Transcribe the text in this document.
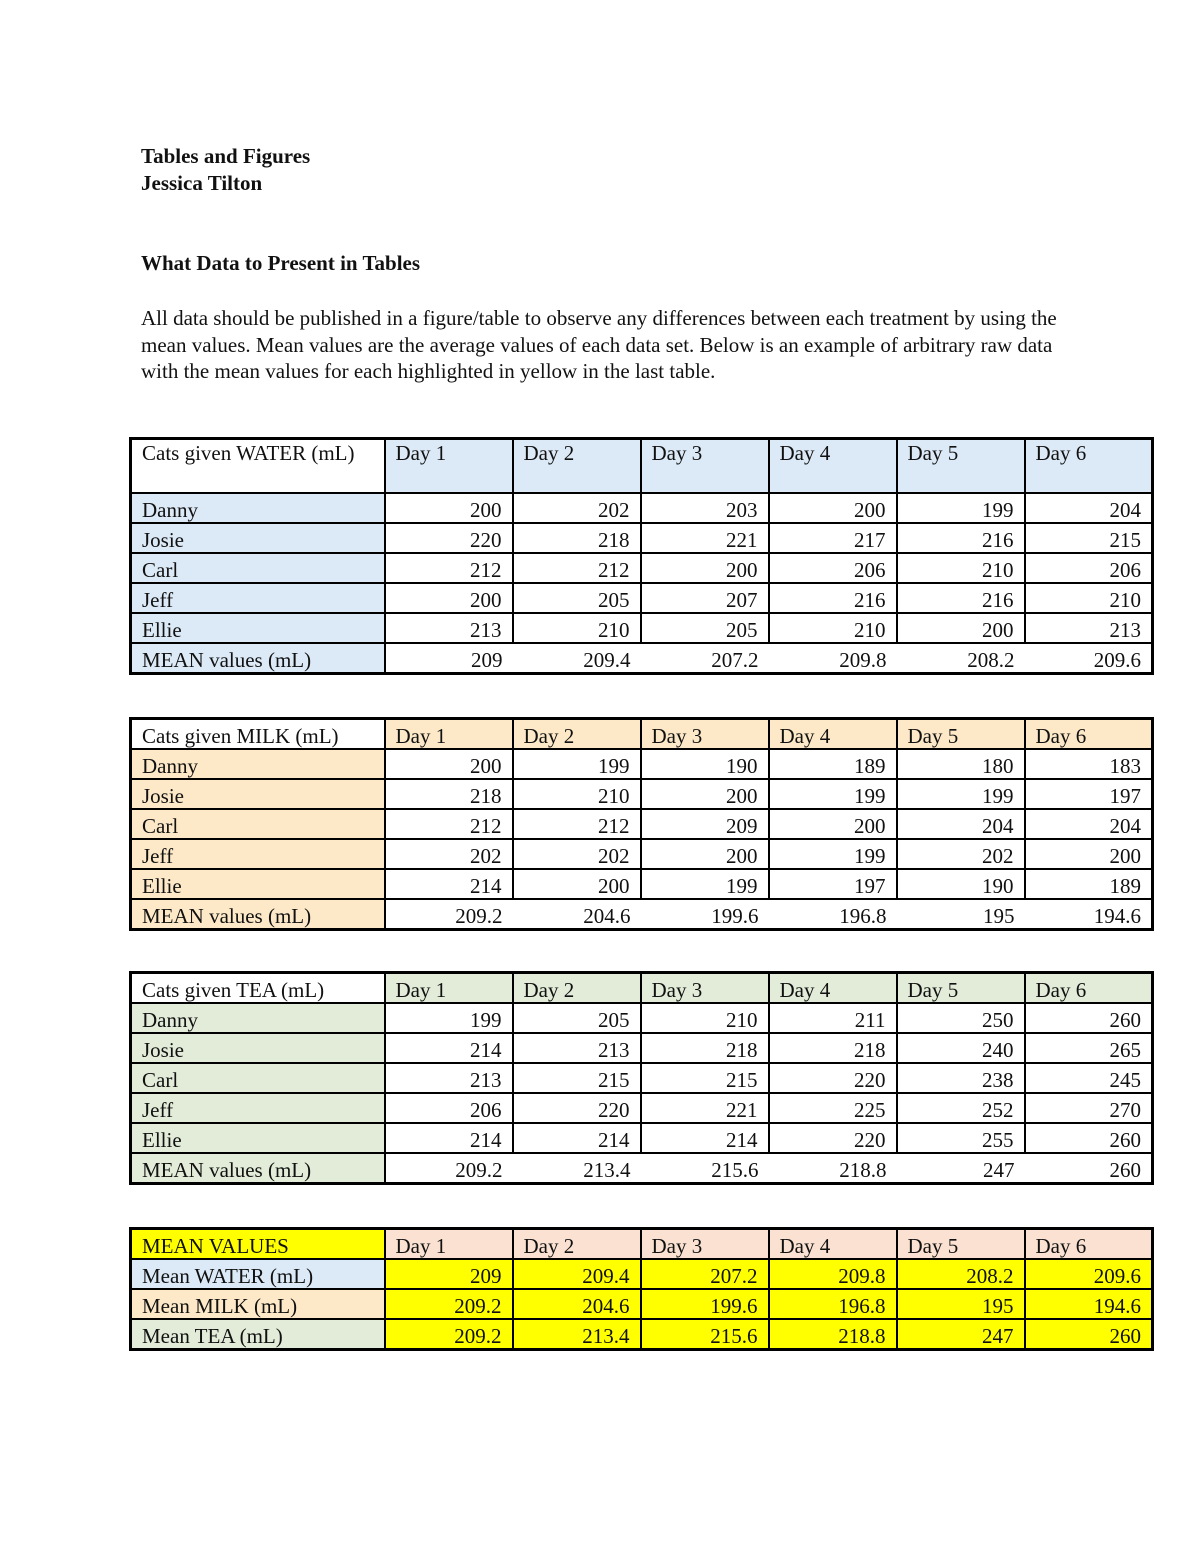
Tables and Figures
Jessica Tilton
What Data to Present in Tables
All data should be published in a figure/table to observe any differences between each treatment by using the mean values. Mean values are the average values of each data set. Below is an example of arbitrary raw data with the mean values for each highlighted in yellow in the last table.
Cats given WATER (mL)	Day 1	Day 2	Day 3	Day 4	Day 5	Day 6
Danny	200	202	203	200	199	204
Josie	220	218	221	217	216	215
Carl	212	212	200	206	210	206
Jeff	200	205	207	216	216	210
Ellie	213	210	205	210	200	213
MEAN values (mL)	209	209.4	207.2	209.8	208.2	209.6
Cats given MILK (mL)	Day 1	Day 2	Day 3	Day 4	Day 5	Day 6
Danny	200	199	190	189	180	183
Josie	218	210	200	199	199	197
Carl	212	212	209	200	204	204
Jeff	202	202	200	199	202	200
Ellie	214	200	199	197	190	189
MEAN values (mL)	209.2	204.6	199.6	196.8	195	194.6
Cats given TEA (mL)	Day 1	Day 2	Day 3	Day 4	Day 5	Day 6
Danny	199	205	210	211	250	260
Josie	214	213	218	218	240	265
Carl	213	215	215	220	238	245
Jeff	206	220	221	225	252	270
Ellie	214	214	214	220	255	260
MEAN values (mL)	209.2	213.4	215.6	218.8	247	260
MEAN VALUES	Day 1	Day 2	Day 3	Day 4	Day 5	Day 6
Mean WATER (mL)	209	209.4	207.2	209.8	208.2	209.6
Mean MILK (mL)	209.2	204.6	199.6	196.8	195	194.6
Mean TEA (mL)	209.2	213.4	215.6	218.8	247	260
